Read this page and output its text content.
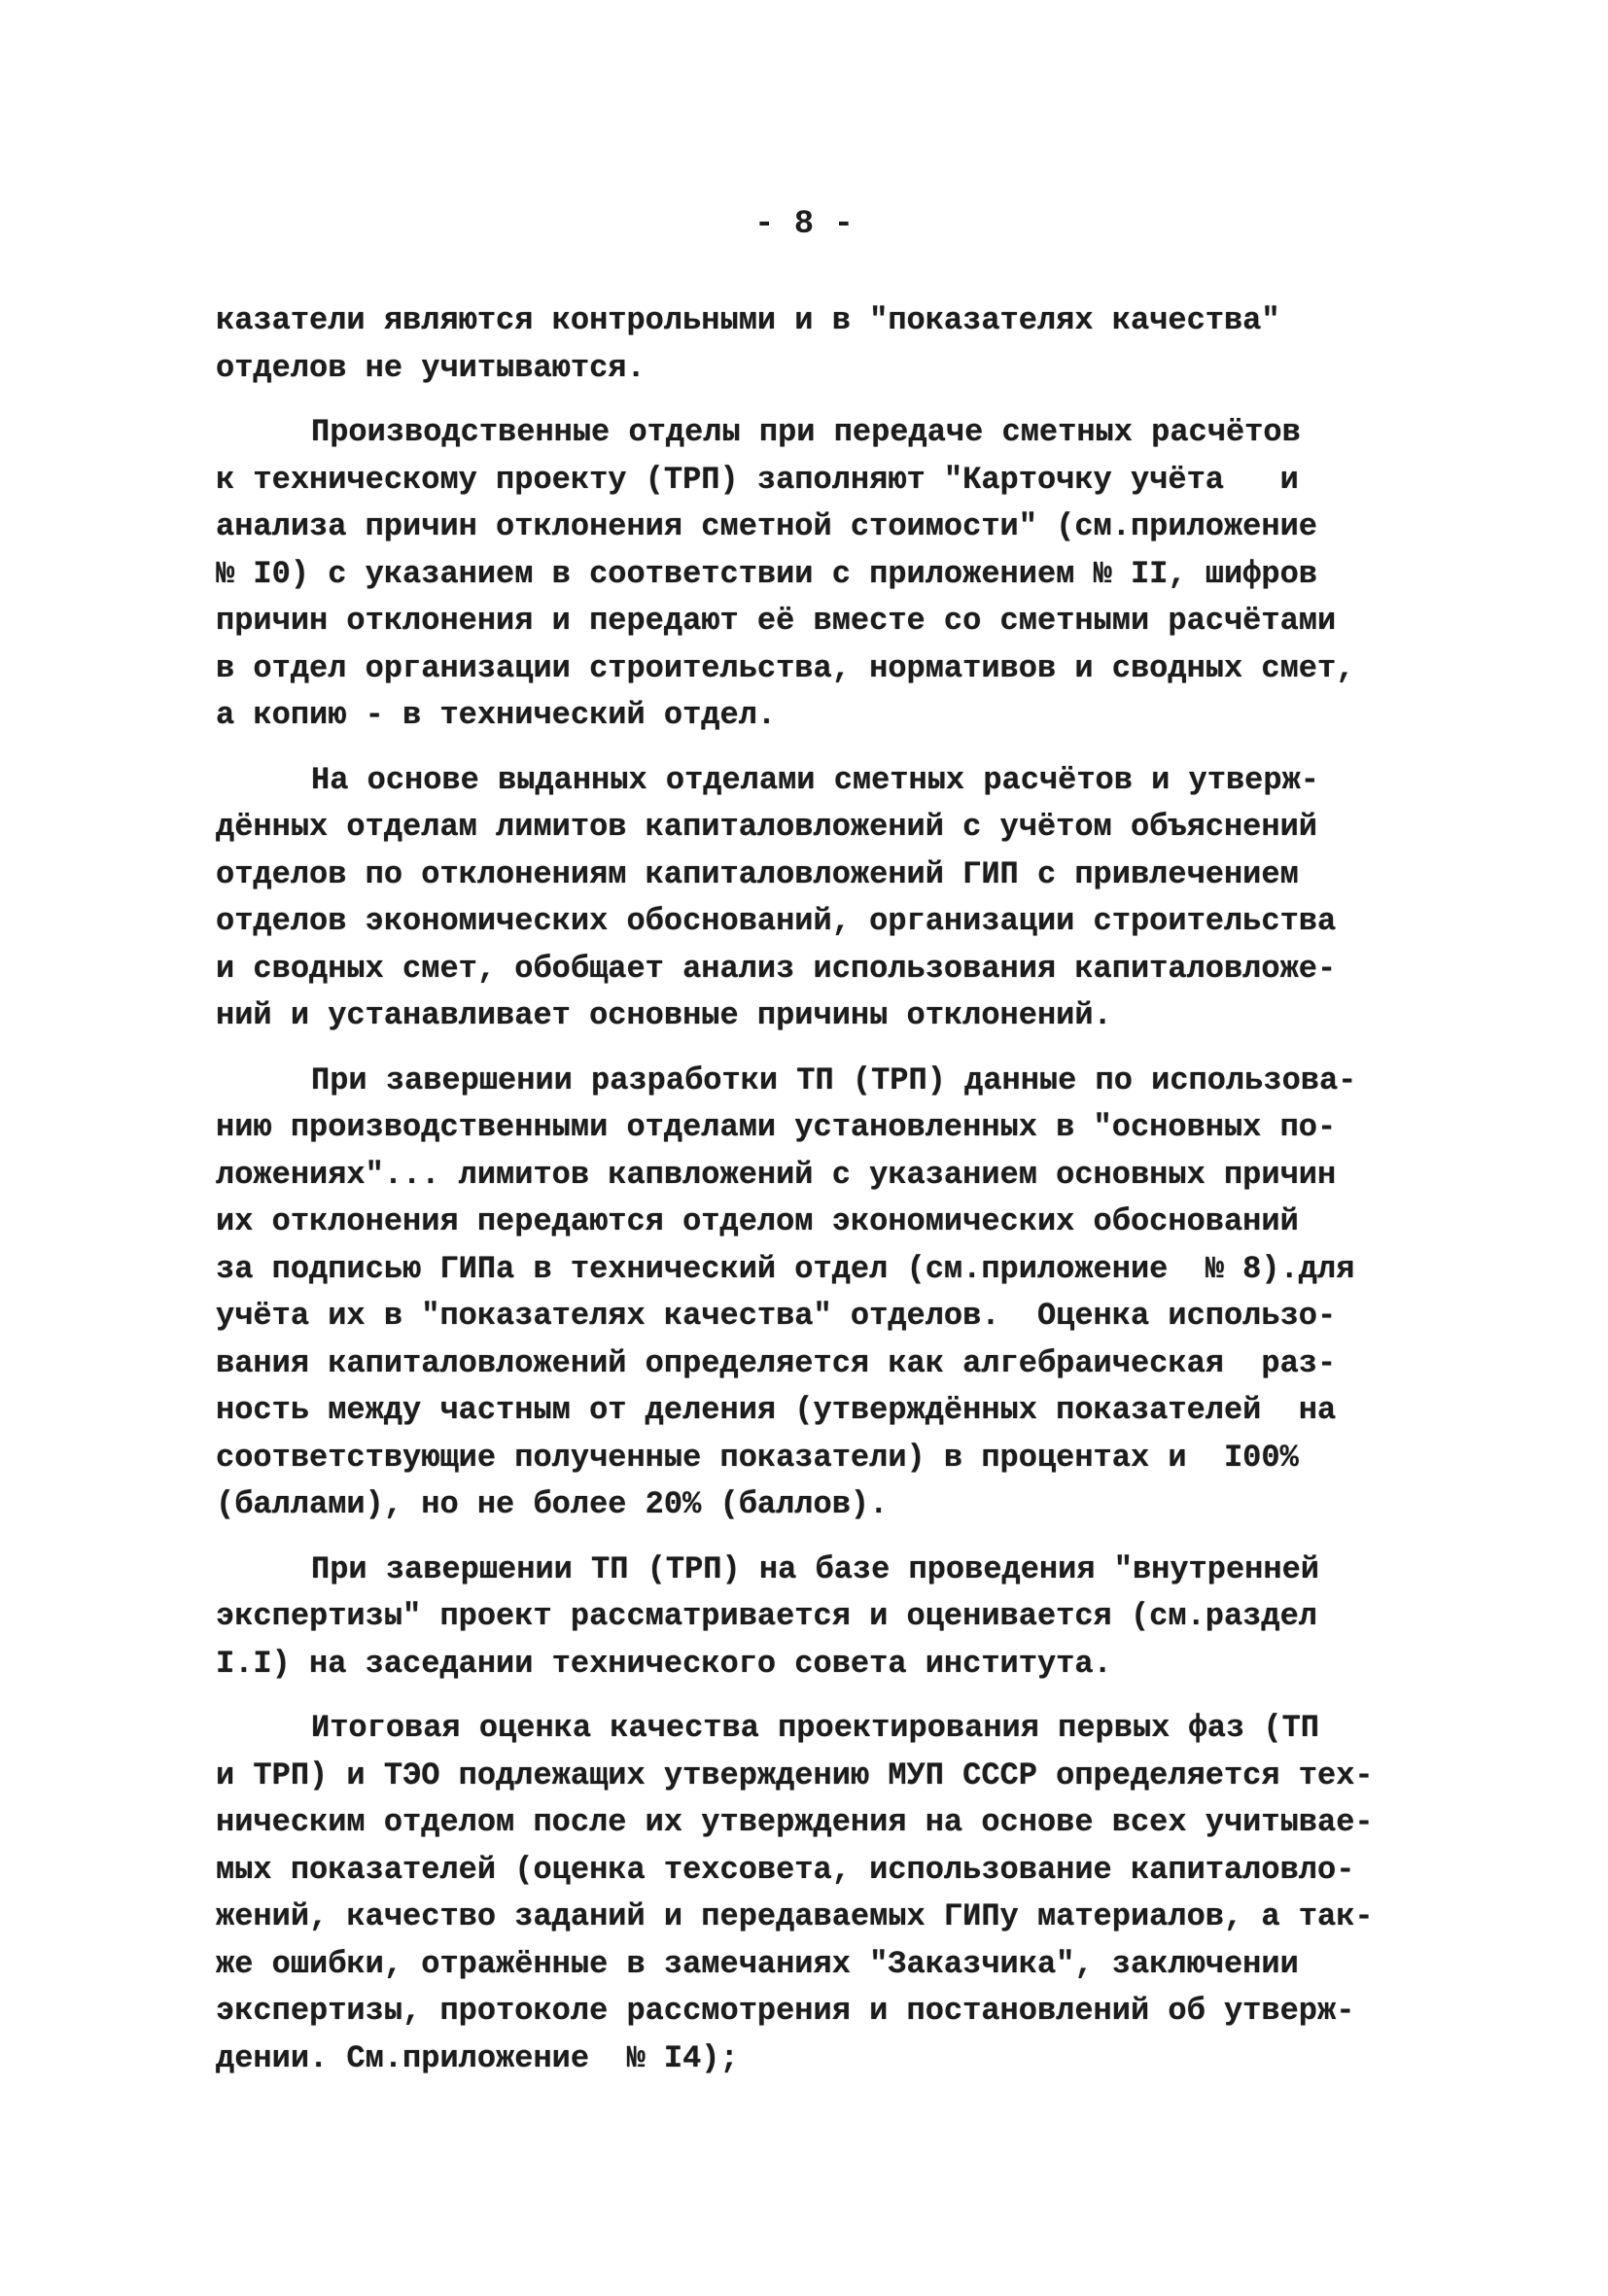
- 8 -
казатели являются контрольными и в "показателях качества"
отделов не учитываются.
Производственные отделы при передаче сметных расчётов
к техническому проекту (ТРП) заполняют "Карточку учёта   и
анализа причин отклонения сметной стоимости" (см.приложение
№ I0) с указанием в соответствии с приложением № II, шифров
причин отклонения и передают её вместе со сметными расчётами
в отдел организации строительства, нормативов и сводных смет,
а копию - в технический отдел.
На основе выданных отделами сметных расчётов и утверж-
дённых отделам лимитов капиталовложений с учётом объяснений
отделов по отклонениям капиталовложений ГИП с привлечением
отделов экономических обоснований, организации строительства
и сводных смет, обобщает анализ использования капиталовложе-
ний и устанавливает основные причины отклонений.
При завершении разработки ТП (ТРП) данные по использова-
нию производственными отделами установленных в "основных по-
ложениях"... лимитов капвложений с указанием основных причин
их отклонения передаются отделом экономических обоснований
за подписью ГИПа в технический отдел (см.приложение  № 8).для
учёта их в "показателях качества" отделов.  Оценка использо-
вания капиталовложений определяется как алгебраическая  раз-
ность между частным от деления (утверждённых показателей  на
соответствующие полученные показатели) в процентах и  I00%
(баллами), но не более 20% (баллов).
При завершении ТП (ТРП) на базе проведения "внутренней
экспертизы" проект рассматривается и оценивается (см.раздел
I.I) на заседании технического совета института.
Итоговая оценка качества проектирования первых фаз (ТП
и ТРП) и ТЭО подлежащих утверждению МУП СССР определяется тех-
ническим отделом после их утверждения на основе всех учитывае-
мых показателей (оценка техсовета, использование капиталовло-
жений, качество заданий и передаваемых ГИПу материалов, а так-
же ошибки, отражённые в замечаниях "Заказчика", заключении
экспертизы, протоколе рассмотрения и постановлений об утверж-
дении. См.приложение  № I4);
